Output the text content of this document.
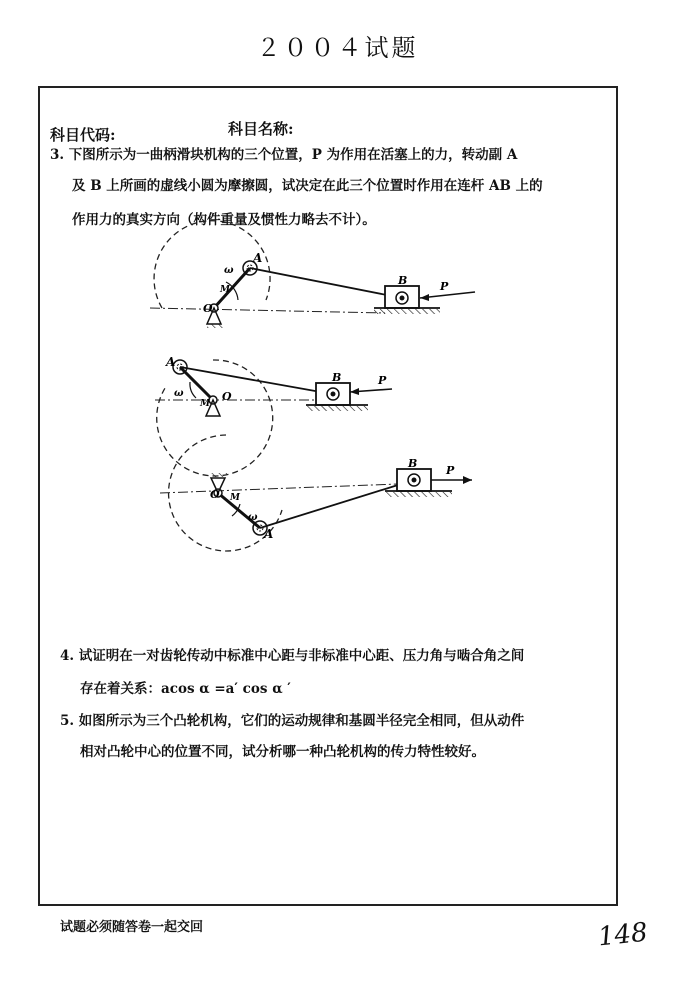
２００４试题
科目代码:	科目名称:
3. 下图所示为一曲柄滑块机构的三个位置，P 为作用在活塞上的力，转动副 A
及 B 上所画的虚线小圆为摩擦圆，试决定在此三个位置时作用在连杆 AB 上的
作用力的真实方向（构件重量及惯性力略去不计）。
A
B	P
O
M
ω
A
B	P
O
M
ω
A
B
P
O M
ω
4. 试证明在一对齿轮传动中标准中心距与非标准中心距、压力角与啮合角之间
存在着关系：acos α =a′ cos α ′
5. 如图所示为三个凸轮机构，它们的运动规律和基圆半径完全相同，但从动件
相对凸轮中心的位置不同，试分析哪一种凸轮机构的传力特性较好。
试题必须随答卷一起交回	148
